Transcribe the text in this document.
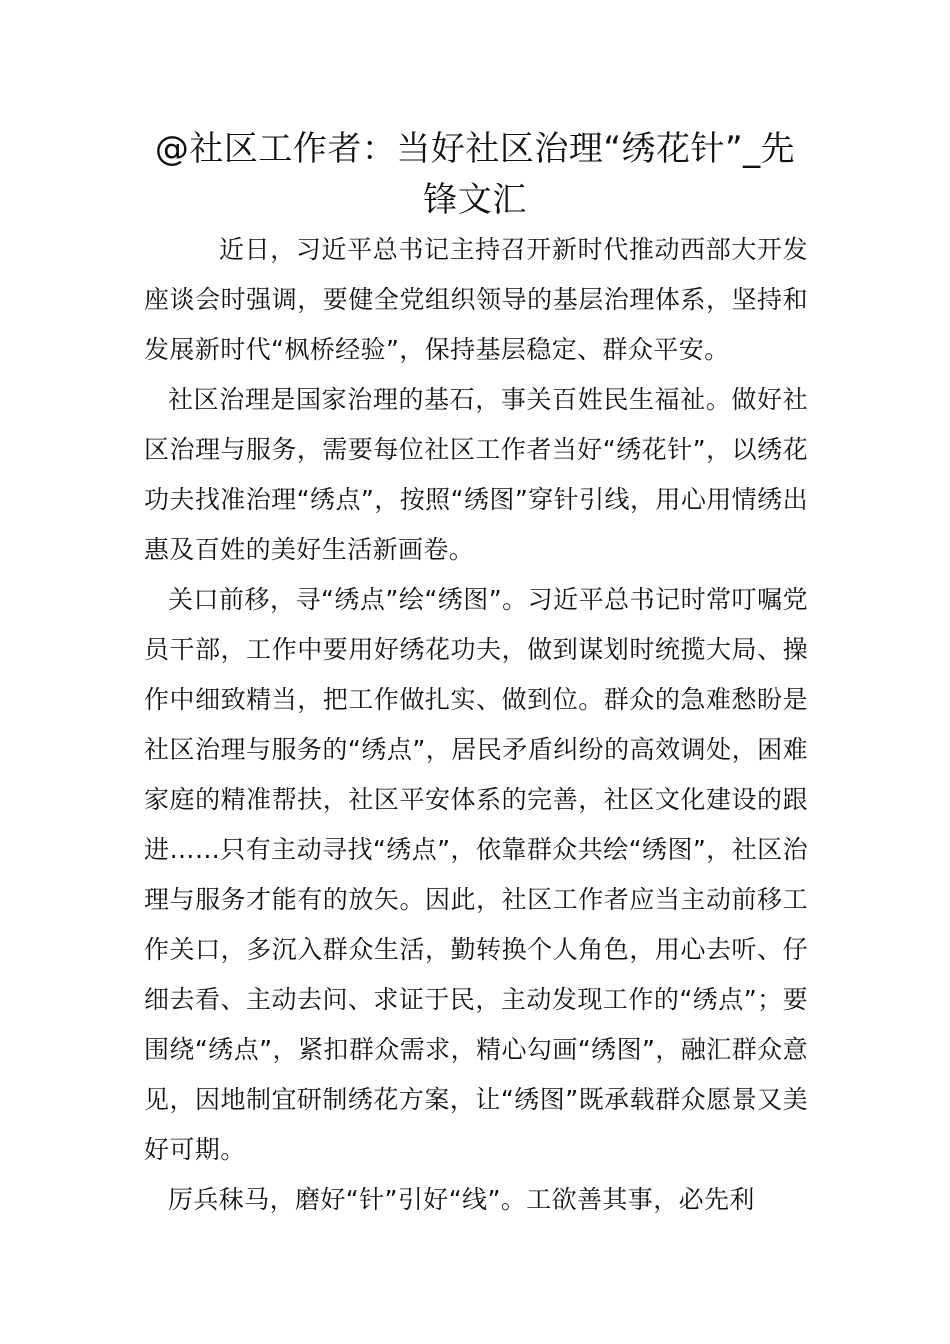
@社区工作者：当好社区治理“绣花针”_先锋文汇

近日，习近平总书记主持召开新时代推动西部大开发座谈会时强调，要健全党组织领导的基层治理体系，坚持和发展新时代“枫桥经验”，保持基层稳定、群众平安。

社区治理是国家治理的基石，事关百姓民生福祉。做好社区治理与服务，需要每位社区工作者当好“绣花针”，以绣花功夫找准治理“绣点”，按照“绣图”穿针引线，用心用情绣出惠及百姓的美好生活新画卷。

关口前移，寻“绣点”绘“绣图”。习近平总书记时常叮嘱党员干部，工作中要用好绣花功夫，做到谋划时统揽大局、操作中细致精当，把工作做扎实、做到位。群众的急难愁盼是社区治理与服务的“绣点”，居民矛盾纠纷的高效调处，困难家庭的精准帮扶，社区平安体系的完善，社区文化建设的跟进……只有主动寻找“绣点”，依靠群众共绘“绣图”，社区治理与服务才能有的放矢。因此，社区工作者应当主动前移工作关口，多沉入群众生活，勤转换个人角色，用心去听、仔细去看、主动去问、求证于民，主动发现工作的“绣点”；要围绕“绣点”，紧扣群众需求，精心勾画“绣图”，融汇群众意见，因地制宜研制绣花方案，让“绣图”既承载群众愿景又美好可期。

厉兵秣马，磨好“针”引好“线”。工欲善其事，必先利
